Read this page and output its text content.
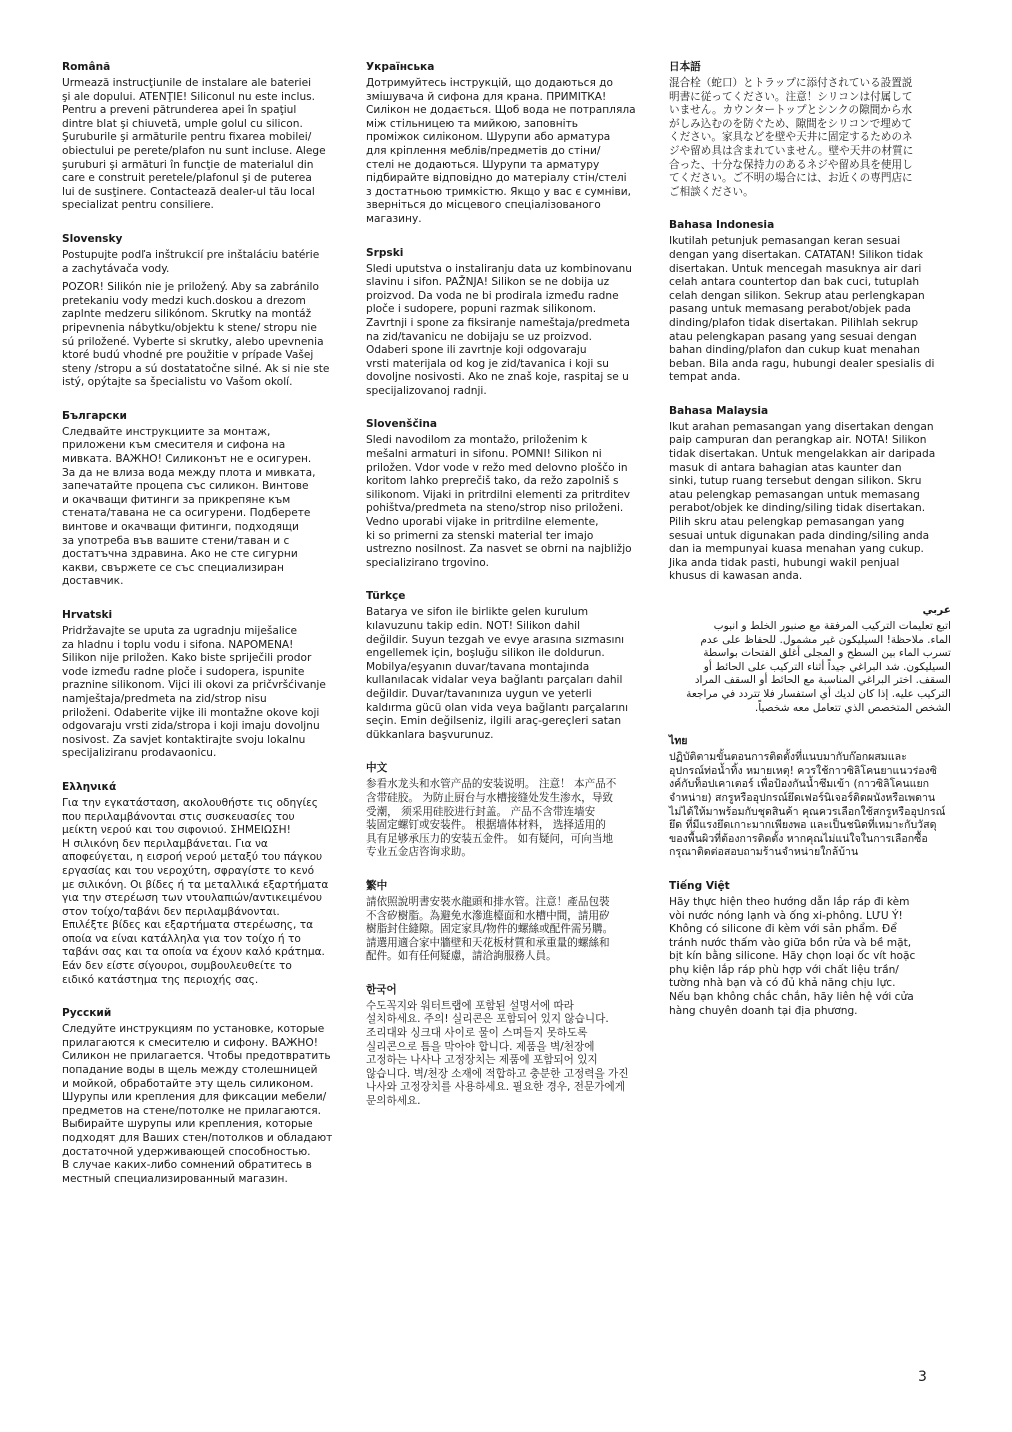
Română
Urmează instrucţiunile de instalare ale bateriei
şi ale dopului. ATENŢIE! Siliconul nu este inclus.
Pentru a preveni pătrunderea apei în spaţiul
dintre blat şi chiuvetă, umple golul cu silicon.
Şuruburile şi armăturile pentru fixarea mobilei/
obiectului pe perete/plafon nu sunt incluse. Alege
şuruburi şi armături în funcţie de materialul din
care e construit peretele/plafonul şi de puterea
lui de susţinere. Contactează dealer-ul tău local
specializat pentru consiliere.
Slovensky
Postupujte podľa inštrukcií pre inštaláciu batérie
a zachytávača vody.
POZOR! Silikón nie je priložený. Aby sa zabránilo
pretekaniu vody medzi kuch.doskou a drezom
zaplnte medzeru silikónom. Skrutky na montáž
pripevnenia nábytku/objektu k stene/ stropu nie
sú priložené. Vyberte si skrutky, alebo upevnenia
ktoré budú vhodné pre použitie v prípade Vašej
steny /stropu a sú dostatatočne silné. Ak si nie ste
istý, opýtajte sa špecialistu vo Vašom okolí.
Български
Следвайте инструкциите за монтаж,
приложени към смесителя и сифона на
мивката. ВАЖНО! Силиконът не е осигурен.
За да не влиза вода между плота и мивката,
запечатайте процепа със силикон. Винтове
и окачващи фитинги за прикрепяне към
стената/тавана не са осигурени. Подберете
винтове и окачващи фитинги, подходящи
за употреба във вашите стени/таван и с
достатъчна здравина. Ако не сте сигурни
какви, свържете се със специализиран
доставчик.
Hrvatski
Pridržavajte se uputa za ugradnju miješalice
za hladnu i toplu vodu i sifona. NAPOMENA!
Silikon nije priložen. Kako biste spriječili prodor
vode između radne ploče i sudopera, ispunite
praznine silikonom. Vijci ili okovi za pričvršćivanje
namještaja/predmeta na zid/strop nisu
priloženi. Odaberite vijke ili montažne okove koji
odgovaraju vrsti zida/stropa i koji imaju dovoljnu
nosivost. Za savjet kontaktirajte svoju lokalnu
specijaliziranu prodavaonicu.
Ελληνικά
Για την εγκατάσταση, ακολουθήστε τις οδηγίες
που περιλαμβάνονται στις συσκευασίες του
μείκτη νερού και του σιφονιού. ΣΗΜΕΙΩΣΗ!
Η σιλικόνη δεν περιλαμβάνεται. Για να
αποφεύγεται, η εισροή νερού μεταξύ του πάγκου
εργασίας και του νεροχύτη, σφραγίστε το κενό
με σιλικόνη. Οι βίδες ή τα μεταλλικά εξαρτήματα
για την στερέωση των ντουλαπιών/αντικειμένου
στον τοίχο/ταβάνι δεν περιλαμβάνονται.
Επιλέξτε βίδες και εξαρτήματα στερέωσης, τα
οποία να είναι κατάλληλα για τον τοίχο ή το
ταβάνι σας και τα οποία να έχουν καλό κράτημα.
Εάν δεν είστε σίγουροι, συμβουλευθείτε το
ειδικό κατάστημα της περιοχής σας.
Русский
Следуйте инструкциям по установке, которые
прилагаются к смесителю и сифону. ВАЖНО!
Силикон не прилагается. Чтобы предотвратить
попадание воды в щель между столешницей
и мойкой, обработайте эту щель силиконом.
Шурупы или крепления для фиксации мебели/
предметов на стене/потолке не прилагаются.
Выбирайте шурупы или крепления, которые
подходят для Ваших стен/потолков и обладают
достаточной удерживающей способностью.
В случае каких-либо сомнений обратитесь в
местный специализированный магазин.
Українська
Дотримуйтесь інструкцій, що додаються до
змішувача й сифона для крана. ПРИМІТКА!
Силікон не додається. Щоб вода не потрапляла
між стільницею та мийкою, заповніть
проміжок силіконом. Шурупи або арматура
для кріплення меблів/предметів до стіни/
стелі не додаються. Шурупи та арматуру
підбирайте відповідно до матеріалу стін/стелі
з достатньою тримкістю. Якщо у вас є сумніви,
зверніться до місцевого спеціалізованого
магазину.
Srpski
Sledi uputstva o instaliranju data uz kombinovanu
slavinu i sifon. PAŽNJA! Silikon se ne dobija uz
proizvod. Da voda ne bi prodirala između radne
ploče i sudopere, popuni razmak silikonom.
Zavrtnji i spone za fiksiranje nameštaja/predmeta
na zid/tavanicu ne dobijaju se uz proizvod.
Odaberi spone ili zavrtnje koji odgovaraju
vrsti materijala od kog je zid/tavanica i koji su
dovoljne nosivosti. Ako ne znaš koje, raspitaj se u
specijalizovanoj radnji.
Slovenščina
Sledi navodilom za montažo, priloženim k
mešalni armaturi in sifonu. POMNI! Silikon ni
priložen. Vdor vode v režo med delovno ploščo in
koritom lahko preprečiš tako, da režo zapolniš s
silikonom. Vijaki in pritrdilni elementi za pritrditev
pohištva/predmeta na steno/strop niso priloženi.
Vedno uporabi vijake in pritrdilne elemente,
ki so primerni za stenski material ter imajo
ustrezno nosilnost. Za nasvet se obrni na najbližjo
specializirano trgovino.
Türkçe
Batarya ve sifon ile birlikte gelen kurulum
kılavuzunu takip edin. NOT! Silikon dahil
değildir. Suyun tezgah ve evye arasına sızmasını
engellemek için, boşluğu silikon ile doldurun.
Mobilya/eşyanın duvar/tavana montajında
kullanılacak vidalar veya bağlantı parçaları dahil
değildir. Duvar/tavanınıza uygun ve yeterli
kaldırma gücü olan vida veya bağlantı parçalarını
seçin. Emin değilseniz, ilgili araç-gereçleri satan
dükkanlara başvurunuz.
中文
参看水龙头和水管产品的安装说明。 注意！ 本产品不
含带硅胶。 为防止厨台与水槽接缝处发生渗水，导致
受潮， 须采用硅胶进行封盖。 产品不含带连墙安
装固定螺钉或安装件。 根据墙体材料， 选择适用的
具有足够承压力的安装五金件。 如有疑问，可向当地
专业五金店咨询求助。
繁中
請依照說明書安裝水龍頭和排水管。注意！產品包裝
不含矽樹脂。為避免水滲進檯面和水槽中間，請用矽
樹脂封住縫隙。固定家具/物件的螺絲或配件需另購。
請選用適合家中牆壁和天花板材質和承重量的螺絲和
配件。如有任何疑慮，請洽詢服務人員。
한국어
수도꼭지와 워터트랩에 포함된 설명서에 따라
설치하세요. 주의! 실리콘은 포함되어 있지 않습니다.
조리대와 싱크대 사이로 물이 스며들지 못하도록
실리콘으로 틈을 막아야 합니다. 제품을 벽/천장에
고정하는 나사나 고정장치는 제품에 포함되어 있지
않습니다. 벽/천장 소재에 적합하고 충분한 고정력을 가진
나사와 고정장치를 사용하세요. 필요한 경우, 전문가에게
문의하세요.
日本語
混合栓（蛇口）とトラップに添付されている設置説
明書に従ってください。注意！シリコンは付属して
いません。カウンタートップとシンクの隙間から水
がしみ込むのを防ぐため、隙間をシリコンで埋めて
ください。家具などを壁や天井に固定するためのネ
ジや留め具は含まれていません。壁や天井の材質に
合った、十分な保持力のあるネジや留め具を使用し
てください。ご不明の場合には、お近くの専門店に
ご相談ください。
Bahasa Indonesia
Ikutilah petunjuk pemasangan keran sesuai
dengan yang disertakan. CATATAN! Silikon tidak
disertakan. Untuk mencegah masuknya air dari
celah antara countertop dan bak cuci, tutuplah
celah dengan silikon. Sekrup atau perlengkapan
pasang untuk memasang perabot/objek pada
dinding/plafon tidak disertakan. Pilihlah sekrup
atau pelengkapan pasang yang sesuai dengan
bahan dinding/plafon dan cukup kuat menahan
beban. Bila anda ragu, hubungi dealer spesialis di
tempat anda.
Bahasa Malaysia
Ikut arahan pemasangan yang disertakan dengan
paip campuran dan perangkap air. NOTA! Silikon
tidak disertakan. Untuk mengelakkan air daripada
masuk di antara bahagian atas kaunter dan
sinki, tutup ruang tersebut dengan silikon. Skru
atau pelengkap pemasangan untuk memasang
perabot/objek ke dinding/siling tidak disertakan.
Pilih skru atau pelengkap pemasangan yang
sesuai untuk digunakan pada dinding/siling anda
dan ia mempunyai kuasa menahan yang cukup.
Jika anda tidak pasti, hubungi wakil penjual
khusus di kawasan anda.
عربي
اتبع تعليمات التركيب المرفقة مع صنبور الخلط و انبوب
الماء. ملاحظة! السيليكون غير مشمول. للحفاظ على عدم
تسرب الماء بين السطح و المجلى أغلق الفتحات بواسطة
السيليكون. شد البراغي جيداً أثناء التركيب على الحائط أو
السقف. اختر البراغي المناسبة مع الحائط أو السقف المراد
التركيب عليه. إذا كان لديك أي استفسار فلا تتردد في مراجعة
الشخص المتخصص الذي تتعامل معه شخصياً.
ไทย
ปฏิบัติตามขั้นตอนการติดตั้งที่แนบมากับก๊อกผสมและ
อุปกรณ์ท่อน้ำทิ้ง หมายเหตุ! ควรใช้กาวซิลิโคนยาแนวร่องซิ
งค์กับท็อปเคาเตอร์ เพื่อป้องกันน้ำซึมเข้า (กาวซิลิโคนแยก
จำหน่าย) สกรูหรืออุปกรณ์ยึดเฟอร์นิเจอร์ติดผนังหรือเพดาน
ไม่ได้ให้มาพร้อมกับชุดสินค้า คุณควรเลือกใช้สกรูหรืออุปกรณ์
ยึด ที่มีแรงยึดเกาะมากเพียงพอ และเป็นชนิดที่เหมาะกับวัสดุ
ของพื้นผิวที่ต้องการติดตั้ง หากคุณไม่แน่ใจในการเลือกซื้อ
กรุณาติดต่อสอบถามร้านจำหน่ายใกล้บ้าน
Tiếng Việt
Hãy thực hiện theo hướng dẫn lắp ráp đi kèm
vòi nước nóng lạnh và ống xi-phông. LƯU Ý!
Không có silicone đi kèm với sản phẩm. Để
tránh nước thấm vào giữa bồn rửa và bề mặt,
bịt kín bằng silicone. Hãy chọn loại ốc vít hoặc
phụ kiện lắp ráp phù hợp với chất liệu trần/
tường nhà bạn và có đủ khả năng chịu lực.
Nếu bạn không chắc chắn, hãy liên hệ với cửa
hàng chuyên doanh tại địa phương.
3
